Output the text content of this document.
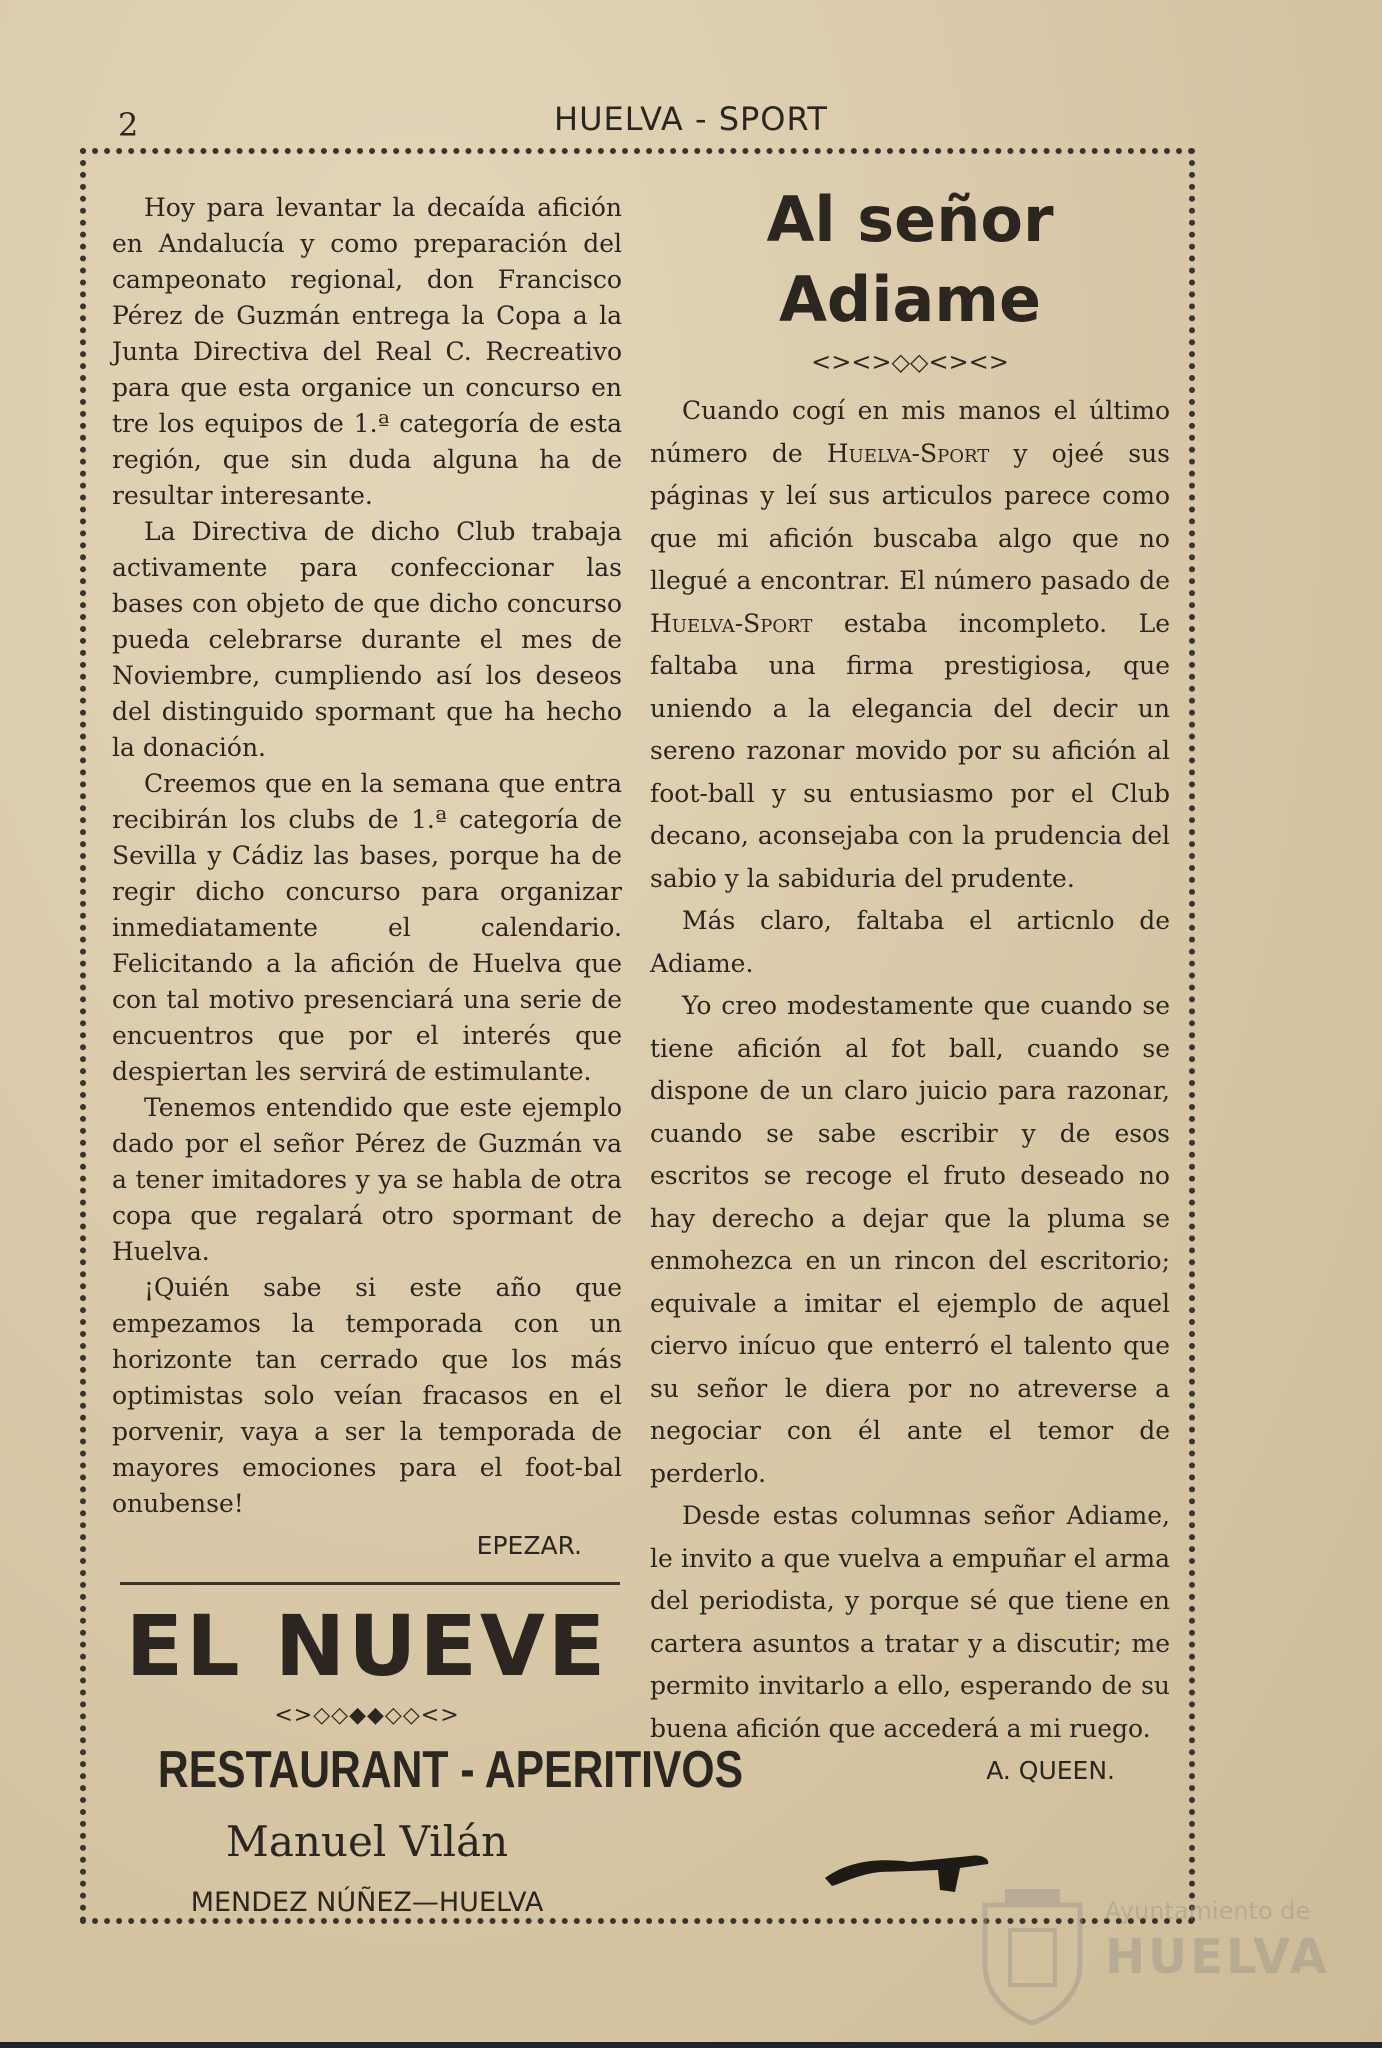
2	HUELVA - SPORT

Hoy para levantar la decaída afición en Andalucía y como preparación del campeonato regional, don Francisco Pérez de Guzmán entrega la Copa a la Junta Directiva del Real C. Recreativo para que esta organice un concurso en tre los equipos de 1.ª categoría de esta región, que sin duda alguna ha de resultar interesante.

La Directiva de dicho Club trabaja activamente para confeccionar las bases con objeto de que dicho concurso pueda celebrarse durante el mes de Noviembre, cumpliendo así los deseos del distinguido spormant que ha hecho la donación.

Creemos que en la semana que entra recibirán los clubs de 1.ª categoría de Sevilla y Cádiz las bases, porque ha de regir dicho concurso para organizar inmediatamente el calendario. Felicitando a la afición de Huelva que con tal motivo presenciará una serie de encuentros que por el interés que despiertan les servirá de estimulante.

Tenemos entendido que este ejemplo dado por el señor Pérez de Guzmán va a tener imitadores y ya se habla de otra copa que regalará otro spormant de Huelva.

¡Quién sabe si este año que empezamos la temporada con un horizonte tan cerrado que los más optimistas solo veían fracasos en el porvenir, vaya a ser la temporada de mayores emociones para el foot-bal onubense!

EPEZAR.
EL NUEVE
<>◇◇◆◆◇◇<>
RESTAURANT - APERITIVOS
Manuel Vilán
MENDEZ NÚÑEZ—HUELVA
Al señor Adiame
<><>◇◇<><>

Cuando cogí en mis manos el último número de Huelva-Sport y ojeé sus páginas y leí sus articulos parece como que mi afición buscaba algo que no llegué a encontrar. El número pasado de Huelva-Sport estaba incompleto. Le faltaba una firma prestigiosa, que uniendo a la elegancia del decir un sereno razonar movido por su afición al foot-ball y su entusiasmo por el Club decano, aconsejaba con la prudencia del sabio y la sabiduria del prudente.

Más claro, faltaba el articnlo de Adiame.

Yo creo modestamente que cuando se tiene afición al fot ball, cuando se dispone de un claro juicio para razonar, cuando se sabe escribir y de esos escritos se recoge el fruto deseado no hay derecho a dejar que la pluma se enmohezca en un rincon del escritorio; equivale a imitar el ejemplo de aquel ciervo inícuo que enterró el talento que su señor le diera por no atreverse a negociar con él ante el temor de perderlo.

Desde estas columnas señor Adiame, le invito a que vuelva a empuñar el arma del periodista, y porque sé que tiene en cartera asuntos a tratar y a discutir; me permito invitarlo a ello, esperando de su buena afición que accederá a mi ruego.

A. QUEEN.
Ayuntamiento de
HUELVA
